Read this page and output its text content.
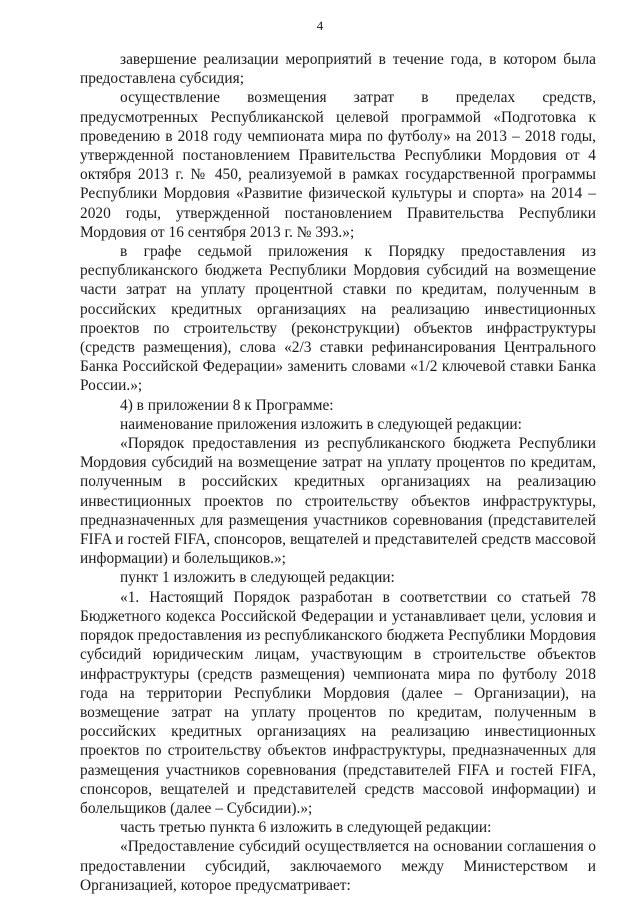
4

завершение реализации мероприятий в течение года, в котором была предоставлена субсидия;

осуществление возмещения затрат в пределах средств, предусмотренных Республиканской целевой программой «Подготовка к проведению в 2018 году чемпионата мира по футболу» на 2013 – 2018 годы, утвержденной постановлением Правительства Республики Мордовия от 4 октября 2013 г. № 450, реализуемой в рамках государственной программы Республики Мордовия «Развитие физической культуры и спорта» на 2014 – 2020 годы, утвержденной постановлением Правительства Республики Мордовия от 16 сентября 2013 г. № 393.»;

в графе седьмой приложения к Порядку предоставления из республиканского бюджета Республики Мордовия субсидий на возмещение части затрат на уплату процентной ставки по кредитам, полученным в российских кредитных организациях на реализацию инвестиционных проектов по строительству (реконструкции) объектов инфраструктуры (средств размещения), слова «2/3 ставки рефинансирования Центрального Банка Российской Федерации» заменить словами «1/2 ключевой ставки Банка России.»;

4) в приложении 8 к Программе:

наименование приложения изложить в следующей редакции:

«Порядок предоставления из республиканского бюджета Республики Мордовия субсидий на возмещение затрат на уплату процентов по кредитам, полученным в российских кредитных организациях на реализацию инвестиционных проектов по строительству объектов инфраструктуры, предназначенных для размещения участников соревнования (представителей FIFA и гостей FIFA, спонсоров, вещателей и представителей средств массовой информации) и болельщиков.»;

пункт 1 изложить в следующей редакции:

«1. Настоящий Порядок разработан в соответствии со статьей 78 Бюджетного кодекса Российской Федерации и устанавливает цели, условия и порядок предоставления из республиканского бюджета Республики Мордовия субсидий юридическим лицам, участвующим в строительстве объектов инфраструктуры (средств размещения) чемпионата мира по футболу 2018 года на территории Республики Мордовия (далее – Организации), на возмещение затрат на уплату процентов по кредитам, полученным в российских кредитных организациях на реализацию инвестиционных проектов по строительству объектов инфраструктуры, предназначенных для размещения участников соревнования (представителей FIFA и гостей FIFA, спонсоров, вещателей и представителей средств массовой информации) и болельщиков (далее – Субсидии).»;

часть третью пункта 6 изложить в следующей редакции:

«Предоставление субсидий осуществляется на основании соглашения о предоставлении субсидий, заключаемого между Министерством и Организацией, которое предусматривает:
